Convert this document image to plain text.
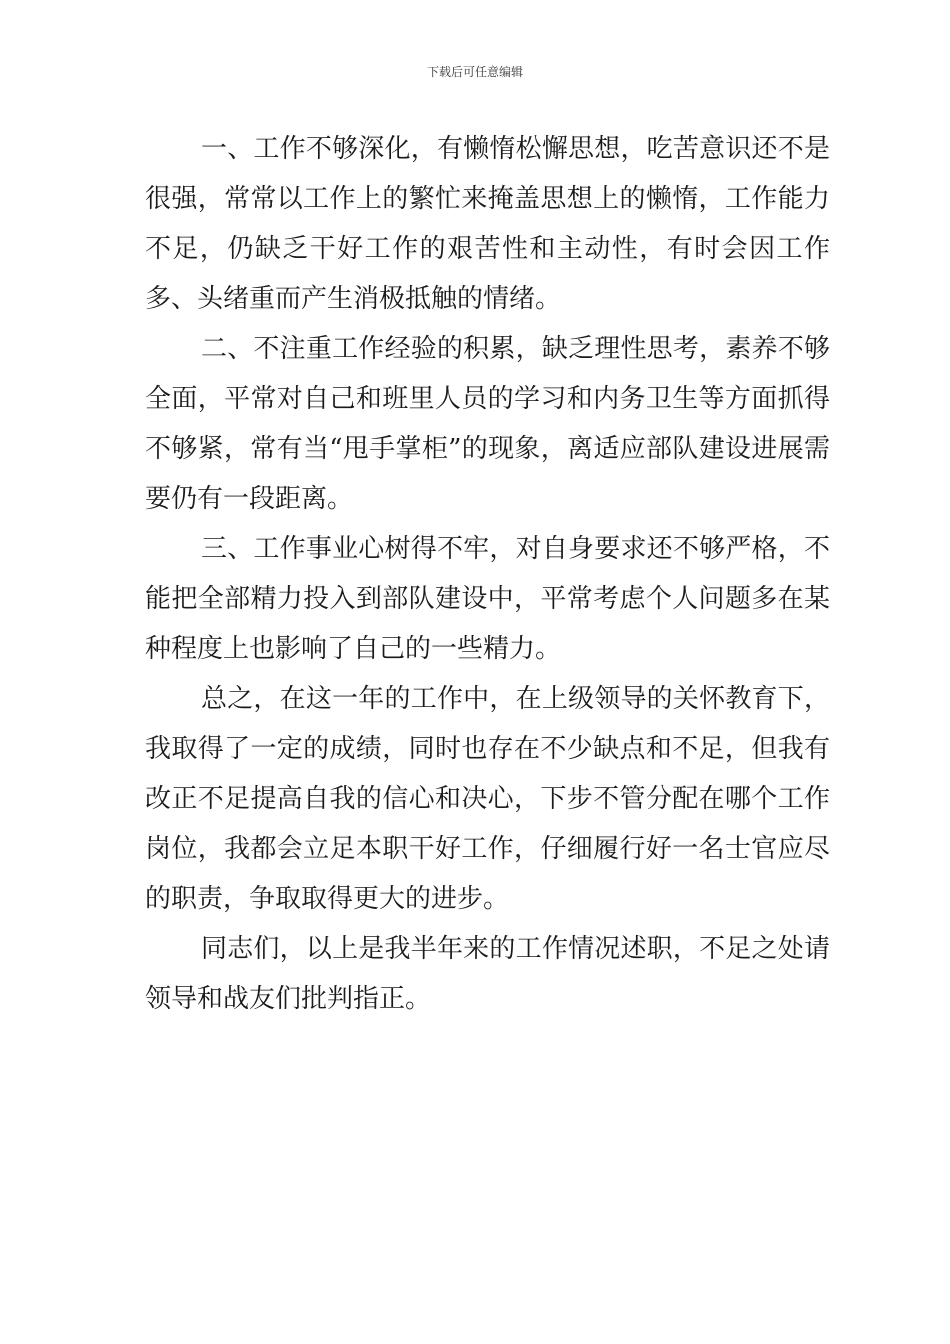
下载后可任意编辑

一、工作不够深化，有懒惰松懈思想，吃苦意识还不是很强，常常以工作上的繁忙来掩盖思想上的懒惰，工作能力不足，仍缺乏干好工作的艰苦性和主动性，有时会因工作多、头绪重而产生消极抵触的情绪。

二、不注重工作经验的积累，缺乏理性思考，素养不够全面，平常对自己和班里人员的学习和内务卫生等方面抓得不够紧，常有当“甩手掌柜”的现象，离适应部队建设进展需要仍有一段距离。

三、工作事业心树得不牢，对自身要求还不够严格，不能把全部精力投入到部队建设中，平常考虑个人问题多在某种程度上也影响了自己的一些精力。

总之，在这一年的工作中，在上级领导的关怀教育下，我取得了一定的成绩，同时也存在不少缺点和不足，但我有改正不足提高自我的信心和决心，下步不管分配在哪个工作岗位，我都会立足本职干好工作，仔细履行好一名士官应尽的职责，争取取得更大的进步。

同志们，以上是我半年来的工作情况述职，不足之处请领导和战友们批判指正。
